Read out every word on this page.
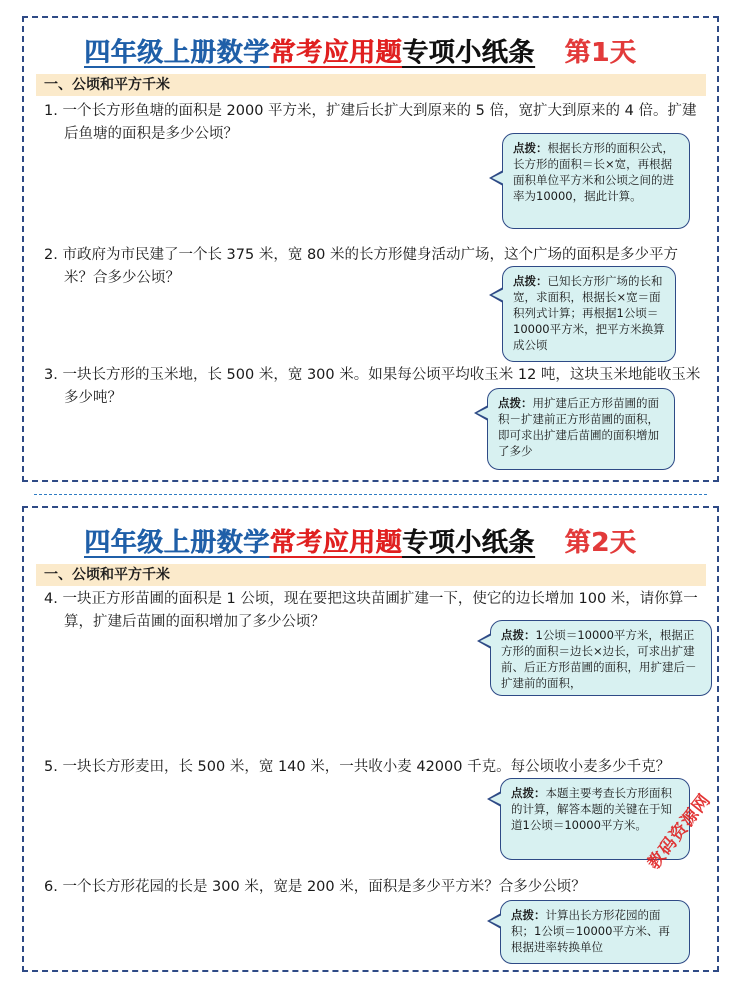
四年级上册数学常考应用题专项小纸条 第1天
一、公顷和平方千米
1. 一个长方形鱼塘的面积是 2000 平方米，扩建后长扩大到原来的 5 倍，宽扩大到原来的 4 倍。扩建后鱼塘的面积是多少公顷？
点拨：根据长方形的面积公式，长方形的面积＝长×宽，再根据面积单位平方米和公顷之间的进率为10000，据此计算。
2. 市政府为市民建了一个长 375 米，宽 80 米的长方形健身活动广场，这个广场的面积是多少平方米？合多少公顷？	点拨：已知长方形广场的长和宽，求面积，根据长×宽＝面积列式计算；再根据1公顷＝10000平方米，把平方米换算成公顷
3. 一块长方形的玉米地，长 500 米，宽 300 米。如果每公顷平均收玉米 12 吨，这块玉米地能收玉米多少吨？	点拨：用扩建后正方形苗圃的面积－扩建前正方形苗圃的面积，即可求出扩建后苗圃的面积增加了多少
四年级上册数学常考应用题专项小纸条 第2天
一、公顷和平方千米
4. 一块正方形苗圃的面积是 1 公顷，现在要把这块苗圃扩建一下，使它的边长增加 100 米，请你算一算，扩建后苗圃的面积增加了多少公顷？
点拨：1公顷＝10000平方米，根据正方形的面积＝边长×边长，可求出扩建前、后正方形苗圃的面积，用扩建后－扩建前的面积，
5. 一块长方形麦田，长 500 米，宽 140 米，一共收小麦 42000 千克。每公顷收小麦多少千克？
点拨：本题主要考查长方形面积的计算，解答本题的关键在于知道1公顷＝10000平方米。
6. 一个长方形花园的长是 300 米，宽是 200 米，面积是多少平方米？合多少公顷？
点拨：计算出长方形花园的面积；1公顷＝10000平方米、再根据进率转换单位
教码资源网
